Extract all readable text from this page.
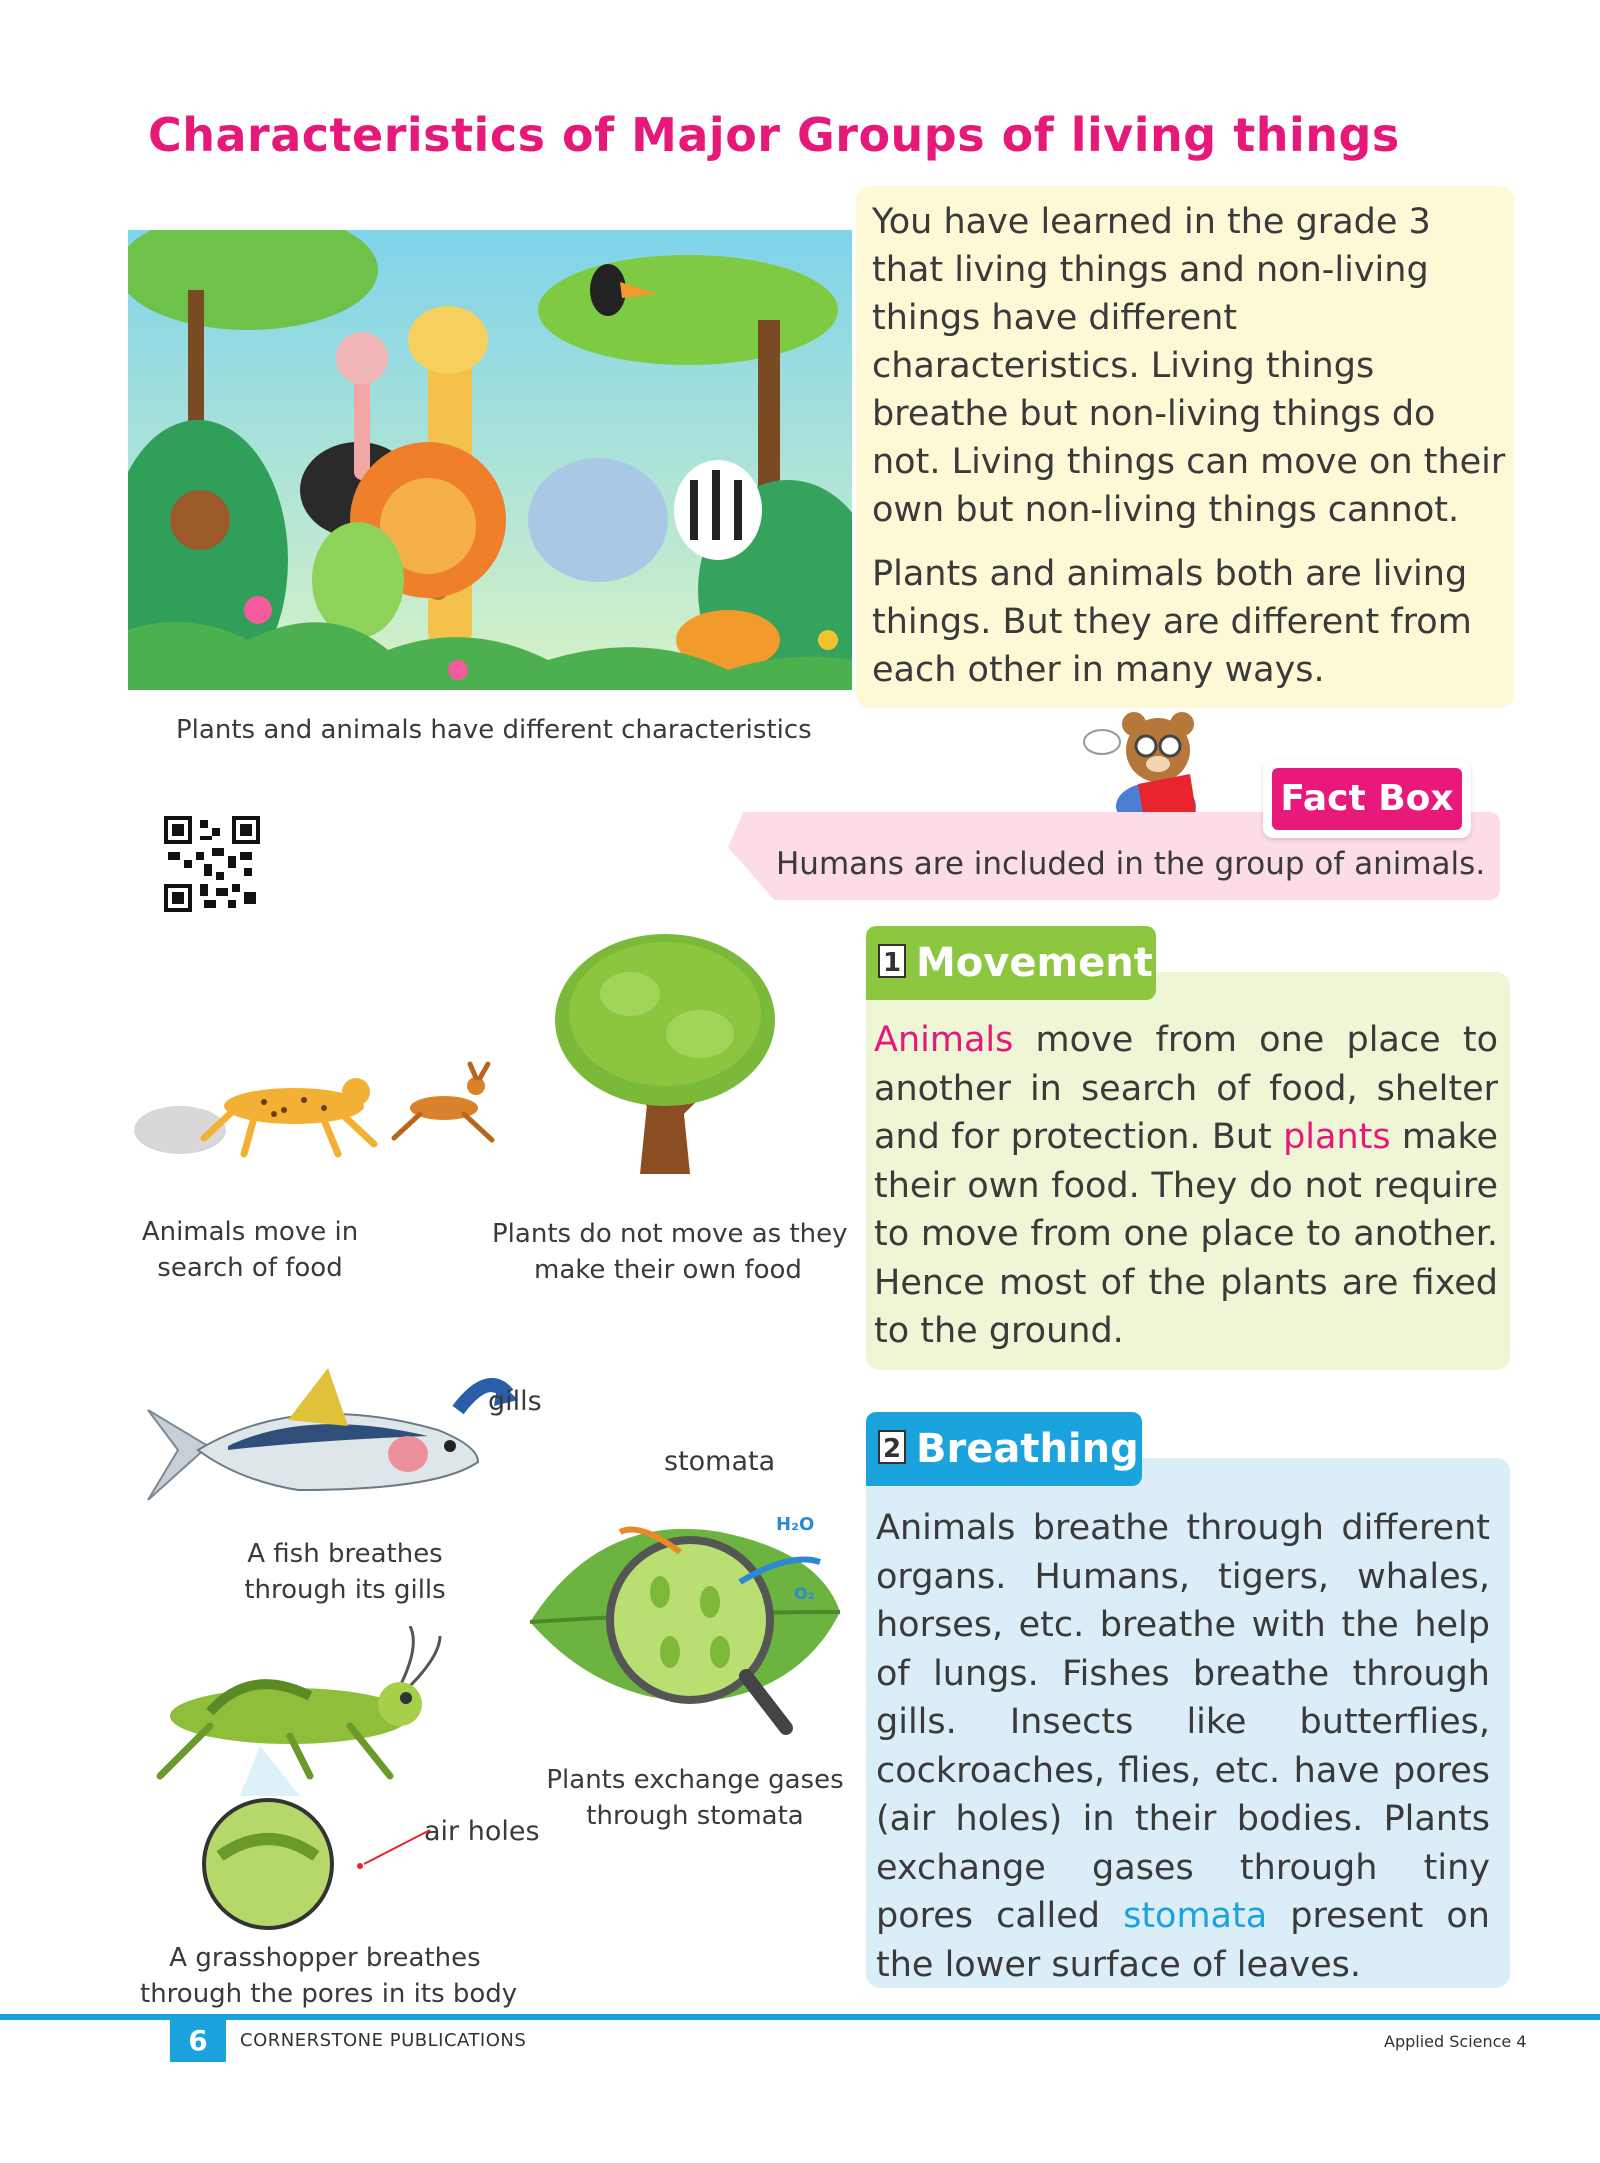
Characteristics of Major Groups of living things
Plants and animals have different characteristics

You have learned in the grade 3 that living things and non-living things have different characteristics. Living things breathe but non-living things do not. Living things can move on their own but non-living things cannot.

Plants and animals both are living things. But they are different from each other in many ways.

Humans are included in the group of animals.
Fact Box
Animals move in
search of food
Plants do not move as they
make their own food
1 Movement
Animals move from one place to another in search of food, shelter and for protection. But plants make their own food. They do not require to move from one place to another. Hence most of the plants are fixed to the ground.
gills
A fish breathes
through its gills
stomata
H₂O
O₂
Plants exchange gases
through stomata
air holes
A grasshopper breathes
through the pores in its body
2 Breathing
Animals breathe through different organs. Humans, tigers, whales, horses, etc. breathe with the help of lungs. Fishes breathe through gills. Insects like butterflies, cockroaches, flies, etc. have pores (air holes) in their bodies. Plants exchange gases through tiny pores called stomata present on the lower surface of leaves.
6	CORNERSTONE PUBLICATIONS	Applied Science 4
